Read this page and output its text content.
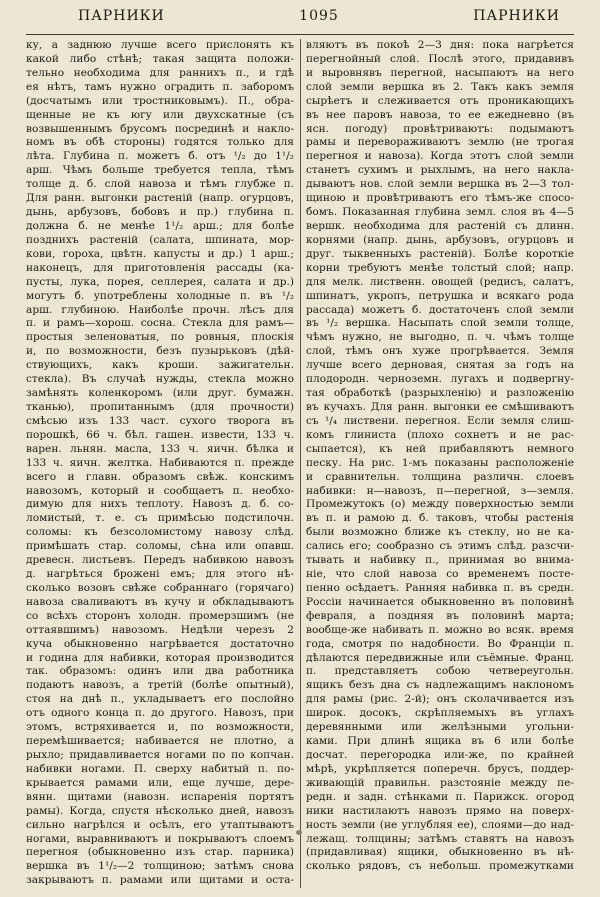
ПАРНИКИ	1095	ПАРНИКИ

ку, а заднюю лучше всего прислонять къ

какой либо стѣнѣ; такая защита положи-

тельно необходима для раннихъ п., и гдѣ

ея нѣтъ, тамъ нужно оградить п. заборомъ

(досчатымъ или тростниковымъ). П., обра-

щенные не къ югу или двухскатные (съ

возвышеннымъ брусомъ посрединѣ и накло-

номъ въ обѣ стороны) годятся только для

лѣта. Глубина п. можетъ б. отъ ¹/₂ до 1¹/₂

арш. Чѣмъ больше требуется тепла, тѣмъ

толще д. б. слой навоза и тѣмъ глубже п.

Для ранн. выгонки растеній (напр. огурцовъ,

дынь, арбузовъ, бобовъ и пр.) глубина п.

должна б. не менѣе 1¹/₂ арш.; для болѣе

позднихъ растеній (салата, шпината, мор-

кови, гороха, цвѣтн. капусты и др.) 1 арш.;

наконецъ, для приготовленія рассады (ка-

пусты, лука, порея, селлерея, салата и др.)

могутъ б. употреблены холодные п. въ ¹/₂

арш. глубиною. Наиболѣе прочн. лѣсъ для

п. и рамъ—хорош. сосна. Стекла для рамъ—

простыя зеленоватыя, по ровныя, плоскія

и, по возможности, безъ пузырьковъ (дѣй-

ствующихъ, какъ кроши. зажигательн.

стекла). Въ случаѣ нужды, стекла можно

замѣнять коленкоромъ (или друг. бумажн.

тканью), пропитаннымъ (для прочности)

смѣсью изъ 133 част. сухого творога въ

порошкѣ, 66 ч. бѣл. гашен. извести, 133 ч.

варен. льнян. масла, 133 ч. яичн. бѣлка и

133 ч. яичн. желтка. Набиваются п. прежде

всего и главн. образомъ свѣж. конскимъ

навозомъ, который и сообщаетъ п. необхо-

димую для нихъ теплоту. Навозъ д. б. со-

ломистый, т. е. съ примѣсью подстилочн.

соломы: къ безсоломистому навозу слѣд.

примѣшать стар. соломы, сѣна или опавш.

древесн. листьевъ. Передъ набивкою навозъ

д. нагрѣться брожені емъ; для этого нѣ-

сколько возовъ свѣже собраннаго (горячаго)

навоза сваливаютъ въ кучу и обкладываютъ

со всѣхъ сторонъ холодн. промерзшимъ (не

оттаявшимъ) навозомъ. Недѣли черезъ 2

куча обыкновенно нагрѣвается достаточно

и година для набивки, которая производится

так. образомъ: одинъ или два работника

подаютъ навозъ, а третій (болѣе опытный),

стоя на днѣ п., укладываетъ его послойно

отъ одного конца п. до другого. Навозъ, при

этомъ, встряхивается и, по возможности,

перемѣшивается; набивается не плотно, а

рыхло; придавливается ногами по по копчан.

набивки ногами. П. сверху набитый п. по-

крывается рамами или, еще лучше, дере-

вянн. щитами (навозн. испаренія портятъ

рамы). Когда, спустя нѣсколько дней, навозъ

сильно нагрѣлся и осѣлъ, его утаптываютъ

ногами, выравниваютъ и покрываютъ слоемъ

перегноя (обыкновенно изъ стар. парника)

вершка въ 1¹/₂—2 толщиною; затѣмъ снова

закрываютъ п. рамами или щитами и оста-

вляютъ въ покоѣ 2—3 дня: пока нагрѣется

перегнойный слой. Послѣ этого, придавивъ

и выровнявъ перегной, насыпаютъ на него

слой земли вершка въ 2. Такъ какъ земля

сырѣетъ и слеживается отъ проникающихъ

въ нее паровъ навоза, то ее ежедневно (въ

ясн. погоду) провѣтриваютъ: подымаютъ

рамы и перевораживаютъ землю (не трогая

перегноя и навоза). Когда этотъ слой земли

станетъ сухимъ и рыхлымъ, на него накла-

дываютъ нов. слой земли вершка въ 2—3 тол-

щиною и провѣтриваютъ его тѣмъ-же спосо-

бомъ. Показанная глубина земл. слоя въ 4—5

вершк. необходима для растеній съ длинн.

корнями (напр. дынь, арбузовъ, огурцовъ и

друг. тыквенныхъ растеній). Болѣе короткіе

корни требуютъ менѣе толстый слой; напр.

для мелк. лиственн. овощей (редисъ, салатъ,

шпинатъ, укропъ, петрушка и всякаго рода

рассада) можетъ б. достаточенъ слой земли

въ ¹/₂ вершка. Насыпать слой земли толще,

чѣмъ нужно, не выгодно, п. ч. чѣмъ толще

слой, тѣмъ онъ хуже прогрѣвается. Земля

лучше всего дерновая, снятая за годъ на

плодородн. черноземн. лугахъ и подвергну-

тая обработкѣ (разрыхленію) и разложенію

въ кучахъ. Для ранн. выгонки ее смѣшиваютъ

съ ¹/₄ листвени. перегноя. Если земля слиш-

комъ глиниста (плохо сохнетъ и не рас-

сыпается), къ ней прибавляютъ немного

песку. На рис. 1-мъ показаны расположеніе

и сравнительн. толщина различн. слоевъ

набивки: н—навозъ, п—перегной, з—земля.

Промежутокъ (о) между поверхностью земли

въ п. и рамою д. б. таковъ, чтобы растенія

были возможно ближе къ стеклу, но не ка-

сались его; сообразно съ этимъ слѣд. разсчи-

тывать и набивку п., принимая во внима-

ніе, что слой навоза со временемъ посте-

пенно осѣдаетъ. Ранняя набивка п. въ средн.

Россіи начинается обыкновенно въ половинѣ

февраля, а поздняя въ половинѣ марта;

вообще-же набивать п. можно во всяк. время

года, смотря по надобности. Во Франціи п.

дѣлаются передвижные или съёмные. Франц.

п. представляетъ собою четвереугольн.

ящикъ безъ дна съ надлежащимъ наклономъ

для рамы (рис. 2-й); онъ сколачивается изъ

широк. досокъ, скрѣпляемыхъ въ углахъ

деревянными или желѣзными угольни-

ками. При длинѣ ящика въ 6 или болѣе

досчат. перегородка или-же, по крайней

мѣрѣ, укрѣпляется поперечн. брусъ, поддер-

живающій правильн. разстояніе между пе-

редн. и задн. стѣнками п. Парижск. огород

ники настилаютъ навозъ прямо на поверх-

ность земли (не углубляя ее), слоями—до над-

лежащ. толщины; затѣмъ ставятъ на навозъ

(придавливая) ящики, обыкновенно въ нѣ-

сколько рядовъ, съ небольш. промежутками
